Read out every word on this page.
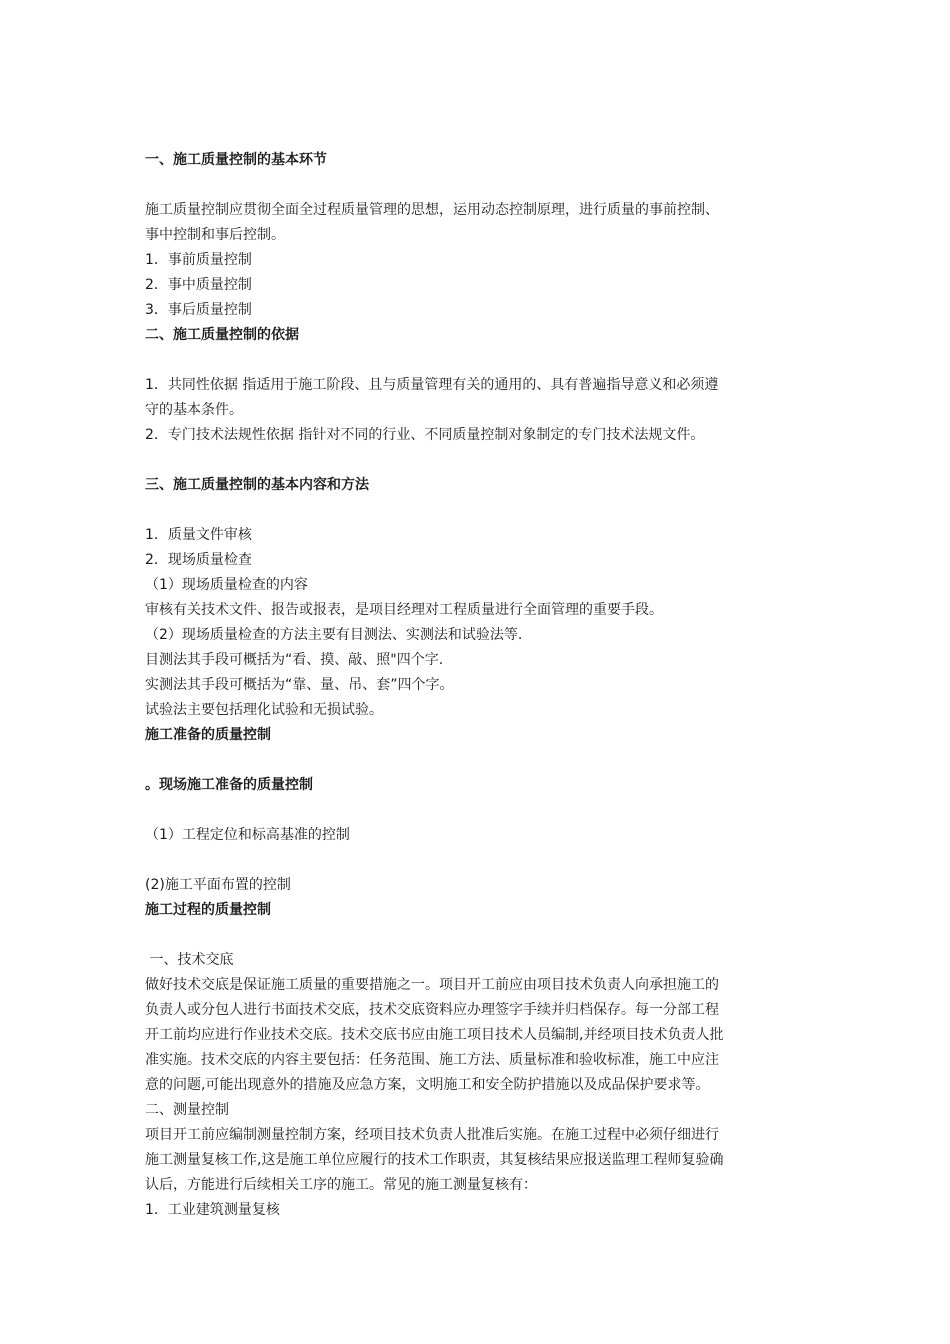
一、施工质量控制的基本环节
施工质量控制应贯彻全面全过程质量管理的思想，运用动态控制原理，进行质量的事前控制、
事中控制和事后控制。
1．事前质量控制
2．事中质量控制
3．事后质量控制
二、施工质量控制的依据
1．共同性依据 指适用于施工阶段、且与质量管理有关的通用的、具有普遍指导意义和必须遵
守的基本条件。
2．专门技术法规性依据 指针对不同的行业、不同质量控制对象制定的专门技术法规文件。
三、施工质量控制的基本内容和方法
1．质量文件审核
2．现场质量检查
（1）现场质量检查的内容
审核有关技术文件、报告或报表，是项目经理对工程质量进行全面管理的重要手段。
（2）现场质量检查的方法主要有目测法、实测法和试验法等.
目测法其手段可概括为“看、摸、敲、照"四个字.
实测法其手段可概括为“靠、量、吊、套”四个字。
试验法主要包括理化试验和无损试验。
施工准备的质量控制
。现场施工准备的质量控制
（1）工程定位和标高基准的控制
(2)施工平面布置的控制
施工过程的质量控制
一、技术交底
做好技术交底是保证施工质量的重要措施之一。项目开工前应由项目技术负责人向承担施工的
负责人或分包人进行书面技术交底，技术交底资料应办理签字手续并归档保存。每一分部工程
开工前均应进行作业技术交底。技术交底书应由施工项目技术人员编制,并经项目技术负责人批
准实施。技术交底的内容主要包括：任务范围、施工方法、质量标准和验收标准，施工中应注
意的问题,可能出现意外的措施及应急方案，文明施工和安全防护措施以及成品保护要求等。
二、测量控制
项目开工前应编制测量控制方案，经项目技术负责人批准后实施。在施工过程中必须仔细进行
施工测量复核工作,这是施工单位应履行的技术工作职责，其复核结果应报送监理工程师复验确
认后，方能进行后续相关工序的施工。常见的施工测量复核有：
1．工业建筑测量复核
